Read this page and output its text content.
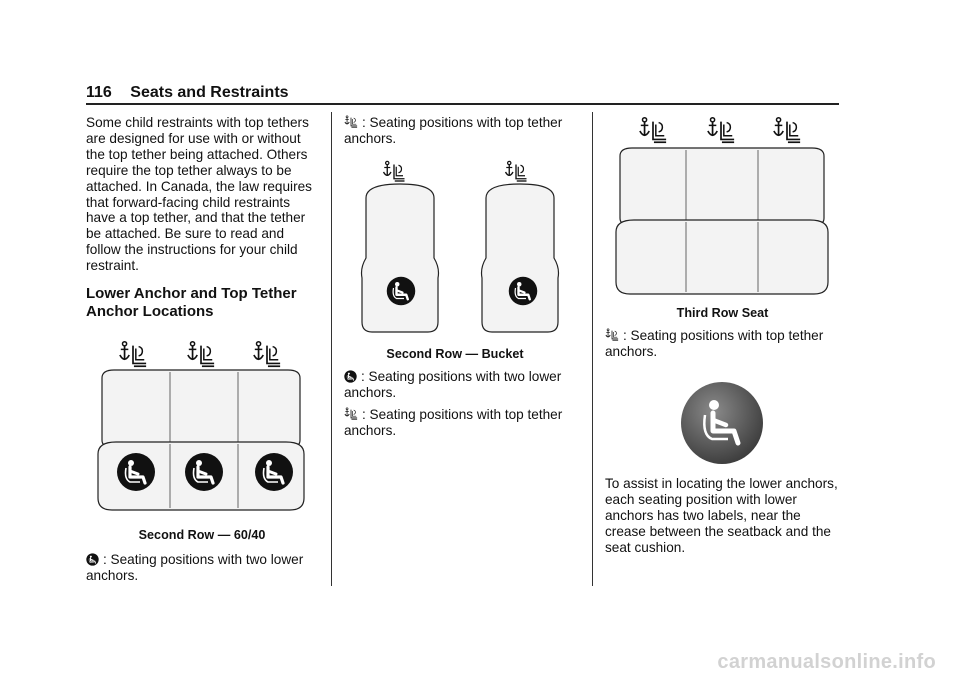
116 Seats and Restraints

Some child restraints with top tethers are designed for use with or without the top tether being attached. Others require the top tether always to be attached. In Canada, the law requires that forward-facing child restraints have a top tether, and that the tether be attached. Be sure to read and follow the instructions for your child restraint.

Lower Anchor and Top Tether Anchor Locations
Second Row — 60/40
: Seating positions with two lower anchors.
: Seating positions with top tether anchors.
Second Row — Bucket
: Seating positions with two lower anchors.
: Seating positions with top tether anchors.
Third Row Seat
: Seating positions with top tether anchors.

To assist in locating the lower anchors, each seating position with lower anchors has two labels, near the crease between the seatback and the seat cushion.

carmanualsonline.info
